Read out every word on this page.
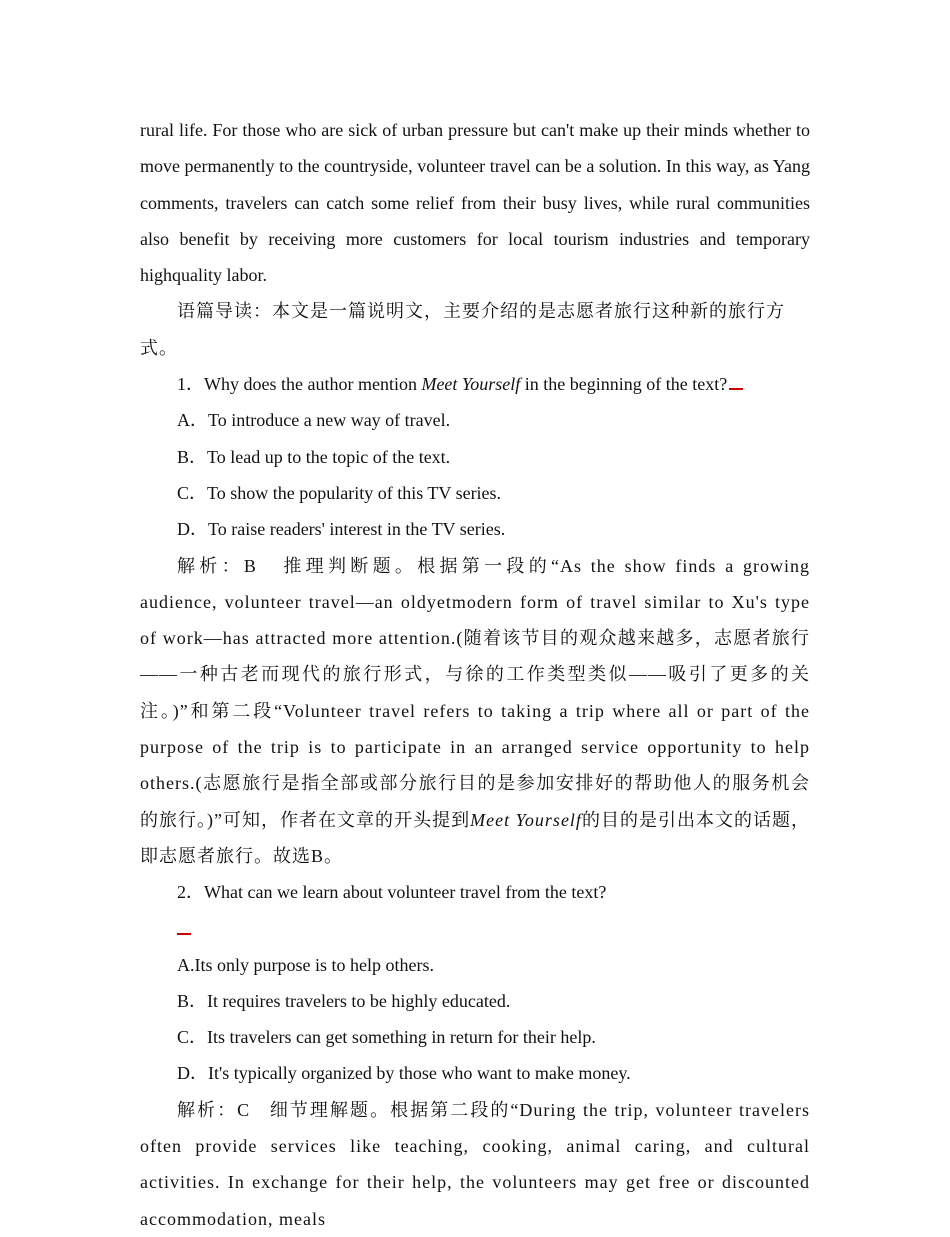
rural life. For those who are sick of urban pressure but can't make up their minds whether to move permanently to the countryside, volunteer travel can be a solution. In this way, as Yang comments, travelers can catch some relief from their busy lives, while rural communities also benefit by receiving more customers for local tourism industries and temporary highquality labor.

语篇导读：本文是一篇说明文，主要介绍的是志愿者旅行这种新的旅行方式。

1．Why does the author mention Meet Yourself in the beginning of the text?

A．To introduce a new way of travel.

B．To lead up to the topic of the text.

C．To show the popularity of this TV series.

D．To raise readers' interest in the TV series.

解析：B 推理判断题。根据第一段的“As the show finds a growing audience, volunteer travel—an oldyetmodern form of travel similar to Xu's type of work—has attracted more attention.(随着该节目的观众越来越多，志愿者旅行——一种古老而现代的旅行形式，与徐的工作类型类似——吸引了更多的关注。)”和第二段“Volunteer travel refers to taking a trip where all or part of the purpose of the trip is to participate in an arranged service opportunity to help others.(志愿旅行是指全部或部分旅行目的是参加安排好的帮助他人的服务机会的旅行。)”可知，作者在文章的开头提到Meet Yourself的目的是引出本文的话题，即志愿者旅行。故选B。

2．What can we learn about volunteer travel from the text?

A.Its only purpose is to help others.

B．It requires travelers to be highly educated.

C．Its travelers can get something in return for their help.

D．It's typically organized by those who want to make money.

解析：C 细节理解题。根据第二段的“During the trip, volunteer travelers often provide services like teaching, cooking, animal caring, and cultural activities. In exchange for their help, the volunteers may get free or discounted accommodation, meals
